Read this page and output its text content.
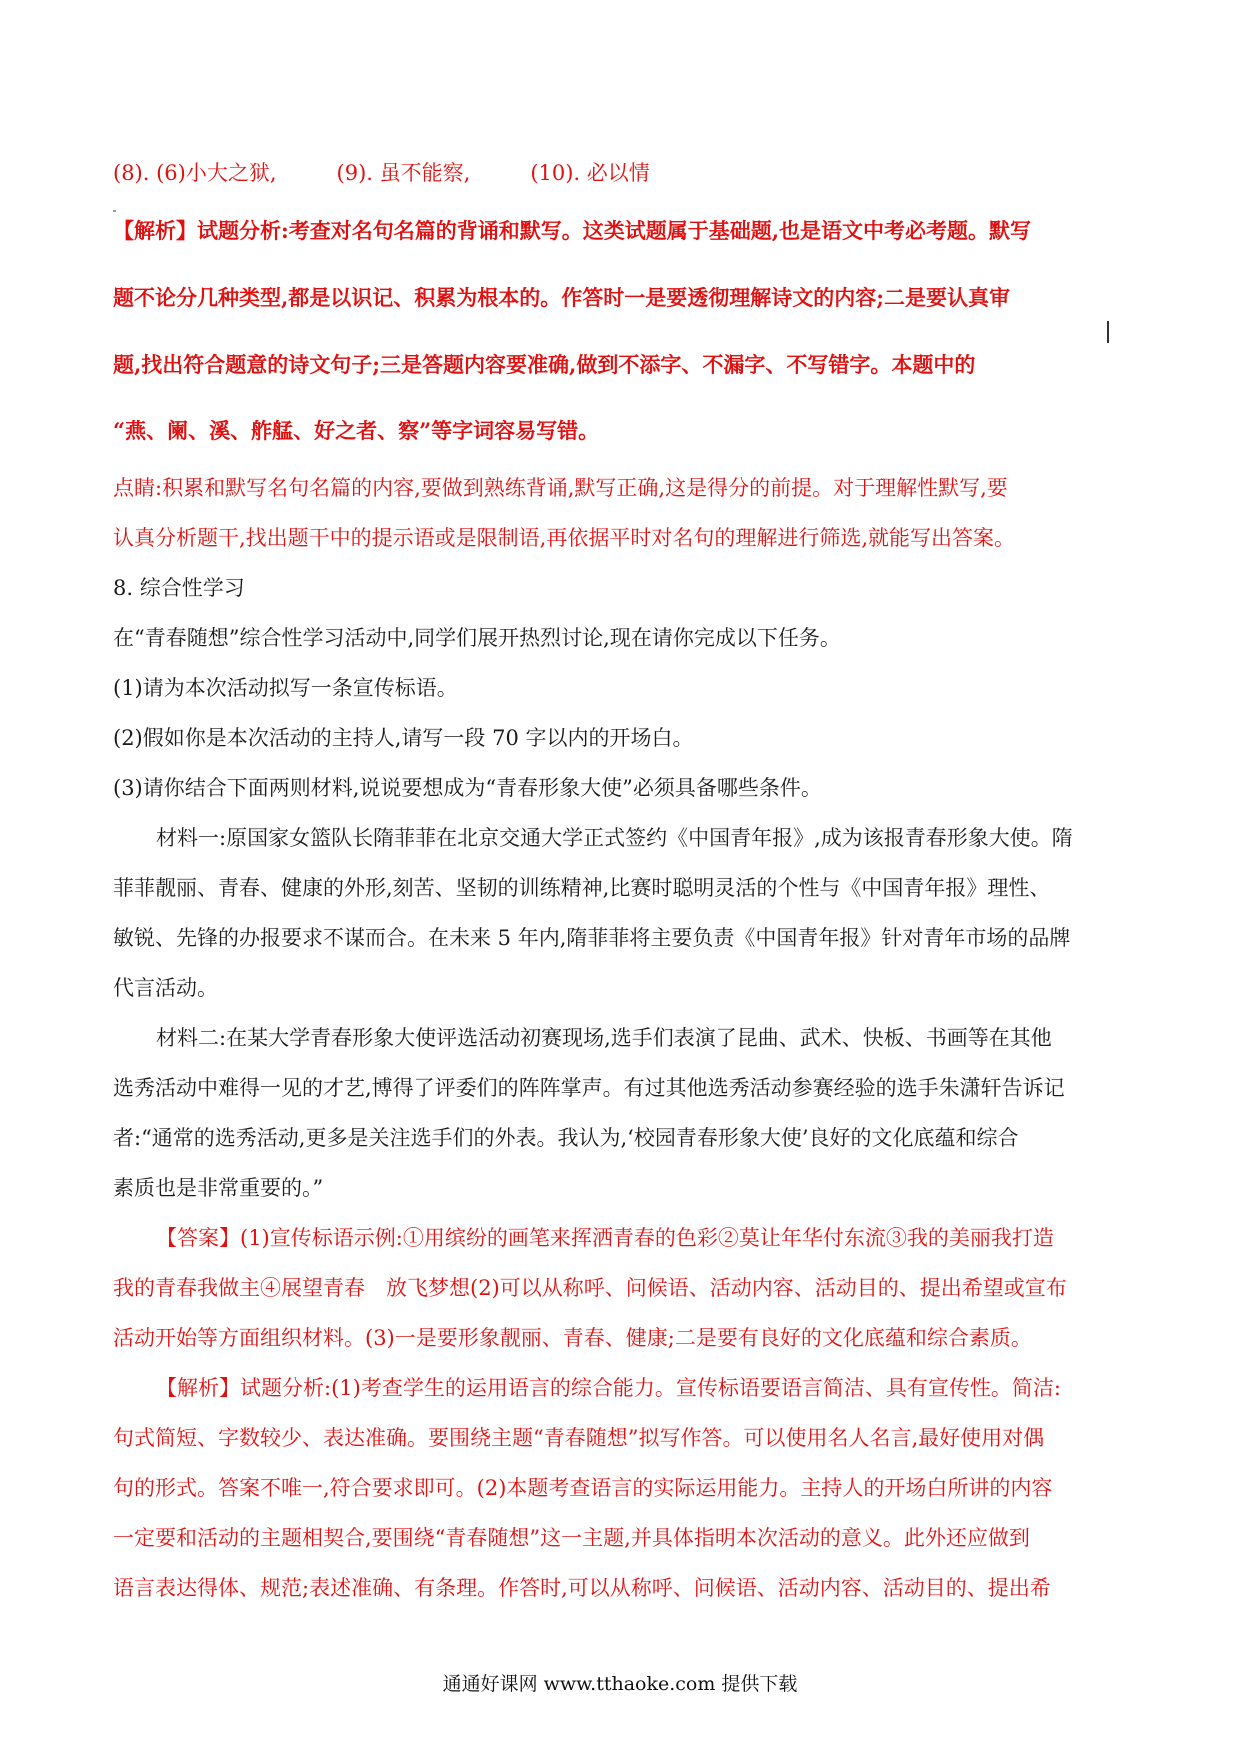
(8). (6)小大之狱,	(9). 虽不能察,	(10). 必以情
【解析】试题分析:考查对名句名篇的背诵和默写。这类试题属于基础题,也是语文中考必考题。默写
题不论分几种类型,都是以识记、积累为根本的。作答时一是要透彻理解诗文的内容;二是要认真审
题,找出符合题意的诗文句子;三是答题内容要准确,做到不添字、不漏字、不写错字。本题中的
“燕、阑、溪、舴艋、好之者、察”等字词容易写错。
点睛:积累和默写名句名篇的内容,要做到熟练背诵,默写正确,这是得分的前提。对于理解性默写,要
认真分析题干,找出题干中的提示语或是限制语,再依据平时对名句的理解进行筛选,就能写出答案。
8. 综合性学习
在“青春随想”综合性学习活动中,同学们展开热烈讨论,现在请你完成以下任务。
(1)请为本次活动拟写一条宣传标语。
(2)假如你是本次活动的主持人,请写一段 70 字以内的开场白。
(3)请你结合下面两则材料,说说要想成为“青春形象大使”必须具备哪些条件。
材料一:原国家女篮队长隋菲菲在北京交通大学正式签约《中国青年报》,成为该报青春形象大使。隋
菲菲靓丽、青春、健康的外形,刻苦、坚韧的训练精神,比赛时聪明灵活的个性与《中国青年报》理性、
敏锐、先锋的办报要求不谋而合。在未来 5 年内,隋菲菲将主要负责《中国青年报》针对青年市场的品牌
代言活动。
材料二:在某大学青春形象大使评选活动初赛现场,选手们表演了昆曲、武术、快板、书画等在其他
选秀活动中难得一见的才艺,博得了评委们的阵阵掌声。有过其他选秀活动参赛经验的选手朱潇轩告诉记
者:“通常的选秀活动,更多是关注选手们的外表。我认为,‘校园青春形象大使’良好的文化底蕴和综合
素质也是非常重要的。”
【答案】(1)宣传标语示例:①用缤纷的画笔来挥洒青春的色彩②莫让年华付东流③我的美丽我打造
我的青春我做主④展望青春　放飞梦想(2)可以从称呼、问候语、活动内容、活动目的、提出希望或宣布
活动开始等方面组织材料。(3)一是要形象靓丽、青春、健康;二是要有良好的文化底蕴和综合素质。
【解析】试题分析:(1)考查学生的运用语言的综合能力。宣传标语要语言简洁、具有宣传性。简洁:
句式简短、字数较少、表达准确。要围绕主题“青春随想”拟写作答。可以使用名人名言,最好使用对偶
句的形式。答案不唯一,符合要求即可。(2)本题考查语言的实际运用能力。主持人的开场白所讲的内容
一定要和活动的主题相契合,要围绕“青春随想”这一主题,并具体指明本次活动的意义。此外还应做到
语言表达得体、规范;表述准确、有条理。作答时,可以从称呼、问候语、活动内容、活动目的、提出希
通通好课网 www.tthaoke.com 提供下载
